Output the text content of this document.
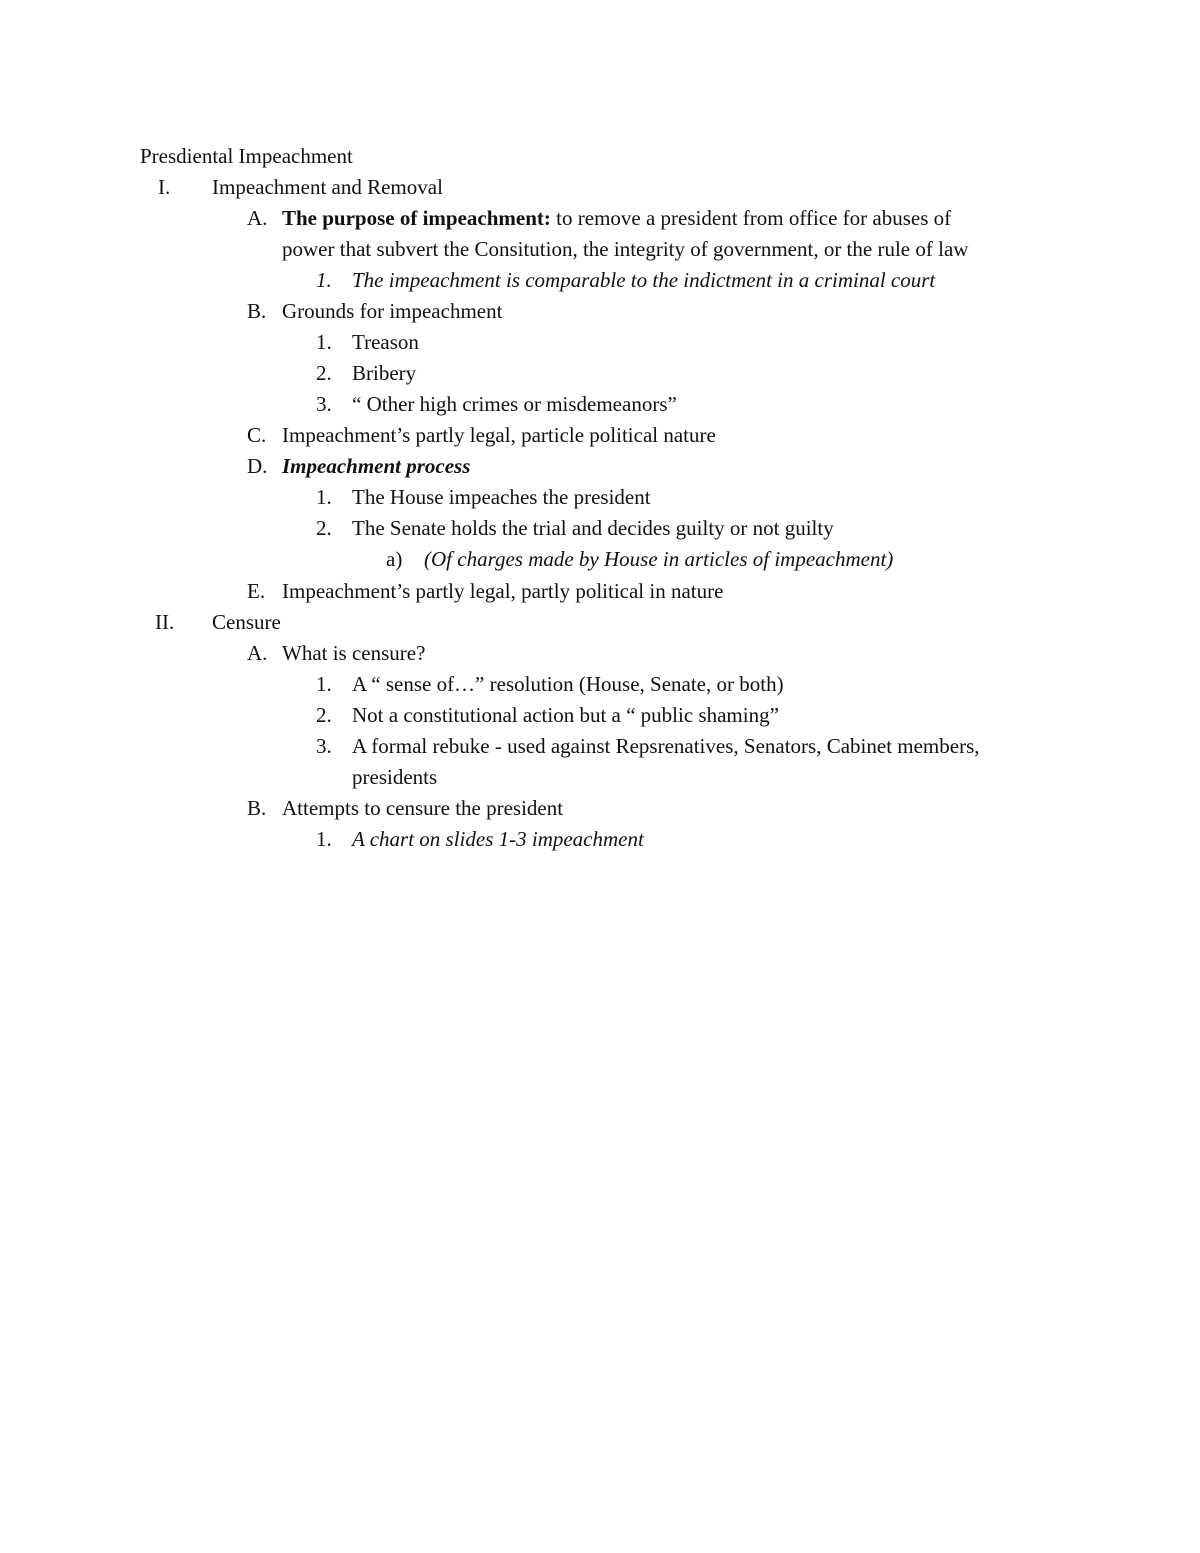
Presdiental Impeachment
I. Impeachment and Removal
A. The purpose of impeachment: to remove a president from office for abuses of
power that subvert the Consitution, the integrity of government, or the rule of law
1. The impeachment is comparable to the indictment in a criminal court
B. Grounds for impeachment
1. Treason
2. Bribery
3. “ Other high crimes or misdemeanors”
C. Impeachment’s partly legal, particle political nature
D. Impeachment process
1. The House impeaches the president
2. The Senate holds the trial and decides guilty or not guilty
a) (Of charges made by House in articles of impeachment)
E. Impeachment’s partly legal, partly political in nature
II. Censure
A. What is censure?
1. A “ sense of…” resolution (House, Senate, or both)
2. Not a constitutional action but a “ public shaming”
3. A formal rebuke - used against Repsrenatives, Senators, Cabinet members,
presidents
B. Attempts to censure the president
1. A chart on slides 1-3 impeachment
